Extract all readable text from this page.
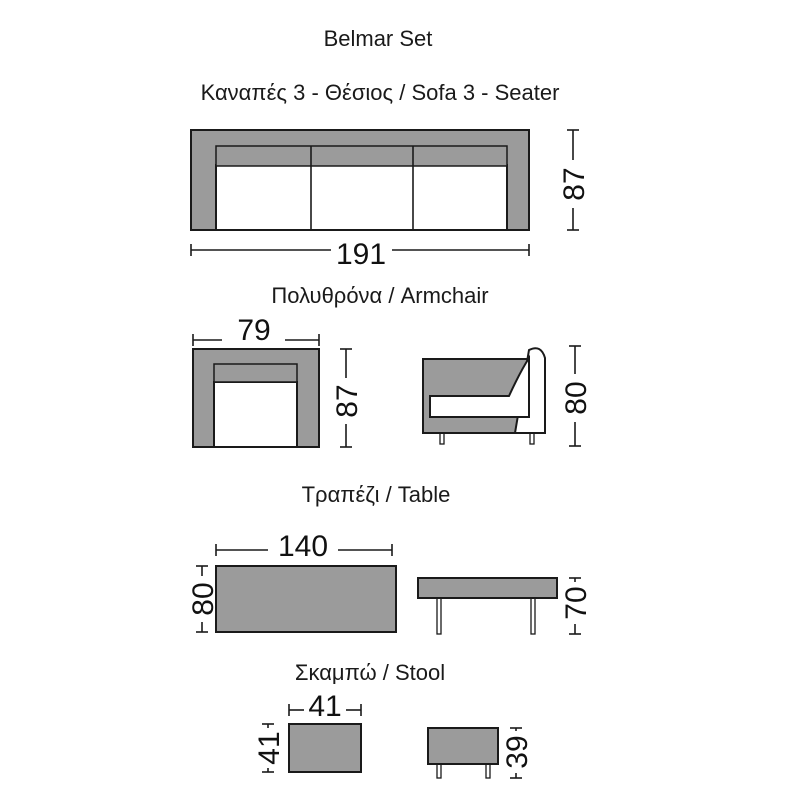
Belmar Set
Καναπές 3 - Θέσιος / Sofa 3 - Seater
191
87
Πολυθρόνα / Armchair
79
87	80
Τραπέζι / Table
140
80	70
Σκαμπώ / Stool
41
41	39
